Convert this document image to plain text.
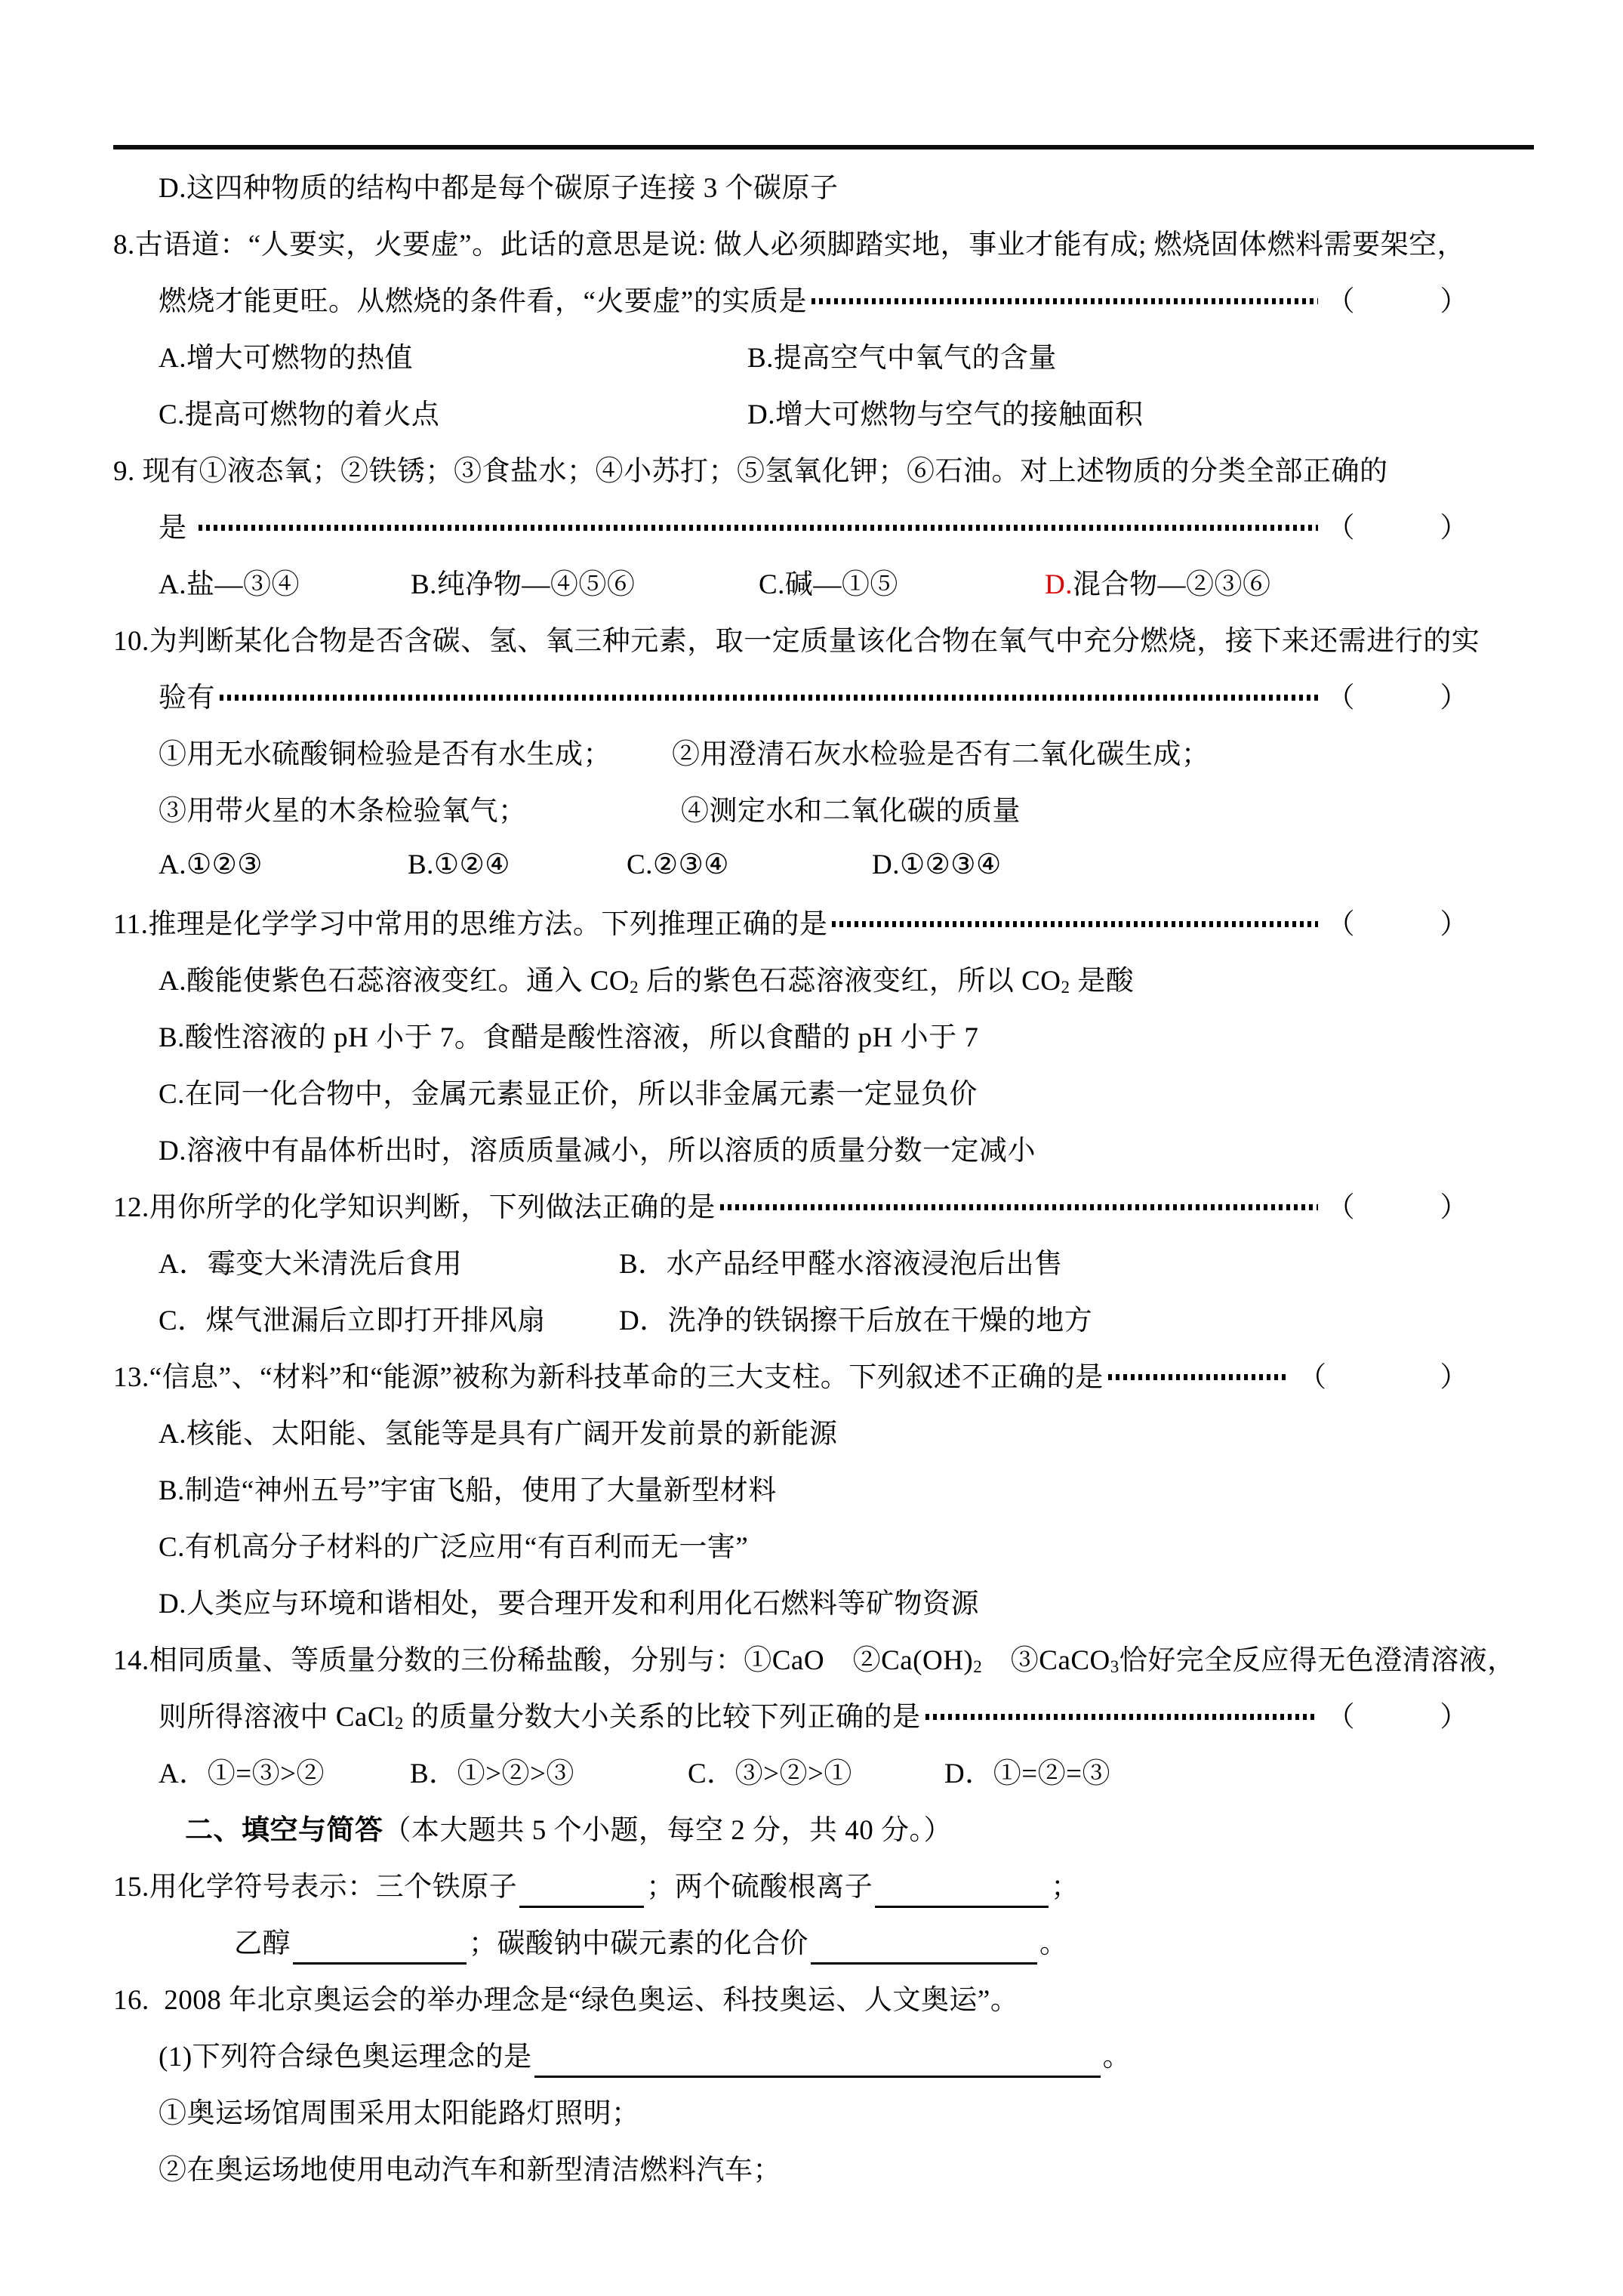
D.这四种物质的结构中都是每个碳原子连接 3 个碳原子
8.古语道：“人要实，火要虚”。此话的意思是说: 做人必须脚踏实地，事业才能有成; 燃烧固体燃料需要架空，
燃烧才能更旺。从燃烧的条件看，“火要虚”的实质是	（　　　）
A.增大可燃物的热值	B.提高空气中氧气的含量
C.提高可燃物的着火点	D.增大可燃物与空气的接触面积
9. 现有①液态氧；②铁锈；③食盐水；④小苏打；⑤氢氧化钾；⑥石油。对上述物质的分类全部正确的
是	（　　　）
A.盐—③④	B.纯净物—④⑤⑥	C.碱—①⑤	D.混合物—②③⑥
10.为判断某化合物是否含碳、氢、氧三种元素，取一定质量该化合物在氧气中充分燃烧，接下来还需进行的实
验有	（　　　）
①用无水硫酸铜检验是否有水生成；	②用澄清石灰水检验是否有二氧化碳生成；
③用带火星的木条检验氧气；	④测定水和二氧化碳的质量
A.①②③	B.①②④	C.②③④	D.①②③④
11.推理是化学学习中常用的思维方法。下列推理正确的是	（　　　）
A.酸能使紫色石蕊溶液变红。通入 CO 2 后的紫色石蕊溶液变红，所以 CO 2 是酸
B.酸性溶液的 pH 小于 7。食醋是酸性溶液，所以食醋的 pH 小于 7
C.在同一化合物中，金属元素显正价，所以非金属元素一定显负价
D.溶液中有晶体析出时，溶质质量减小，所以溶质的质量分数一定减小
12.用你所学的化学知识判断，下列做法正确的是	（　　　）
A．霉变大米清洗后食用	B．水产品经甲醛水溶液浸泡后出售
C．煤气泄漏后立即打开排风扇	D．洗净的铁锅擦干后放在干燥的地方
13.“信息”、“材料”和“能源”被称为新科技革命的三大支柱。下列叙述不正确的是	（　　　　）
A.核能、太阳能、氢能等是具有广阔开发前景的新能源
B.制造“神州五号”宇宙飞船，使用了大量新型材料
C.有机高分子材料的广泛应用“有百利而无一害”
D.人类应与环境和谐相处，要合理开发和利用化石燃料等矿物资源
14.相同质量、等质量分数的三份稀盐酸，分别与：①CaO　②Ca(OH) 2 　③CaCO 3 恰好完全反应得无色澄清溶液，
则所得溶液中 CaCl 2 的质量分数大小关系的比较下列正确的是	（　　　）
A．①=③>②	B．①>②>③	C．③>②>①	D．①=②=③
二、填空与简答 （本大题共 5 个小题，每空 2 分，共 40 分。）
15.用化学符号表示：三个铁原子	；两个硫酸根离子	；
乙醇	；碳酸钠中碳元素的化合价	。
16.  2008 年北京奥运会的举办理念是“绿色奥运、科技奥运、人文奥运”。
(1)下列符合绿色奥运理念的是	。
①奥运场馆周围采用太阳能路灯照明；
②在奥运场地使用电动汽车和新型清洁燃料汽车；
